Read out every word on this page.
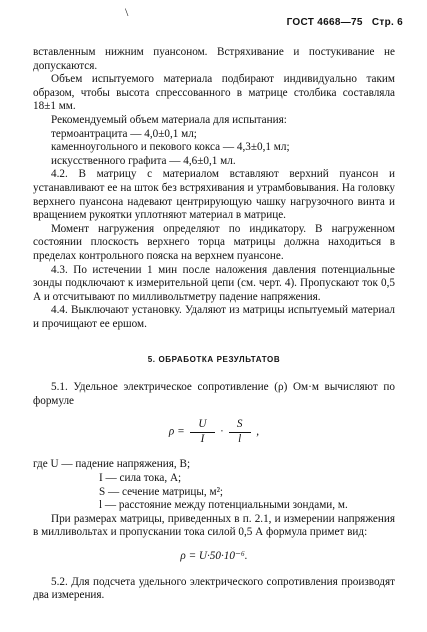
\
ГОСТ 4668—75 Стр. 6

вставленным нижним пуансоном. Встряхивание и постукивание не допускаются.

Объем испытуемого материала подбирают индивидуально таким образом, чтобы высота спрессованного в матрице столбика составляла 18±1 мм.

Рекомендуемый объем материала для испытания:

термоантрацита — 4,0±0,1 мл;

каменноугольного и пекового кокса — 4,3±0,1 мл;

искусственного графита — 4,6±0,1 мл.

4.2. В матрицу с материалом вставляют верхний пуансон и устанавливают ее на шток без встряхивания и утрамбовывания. На головку верхнего пуансона надевают центрирующую чашку нагрузочного винта и вращением рукоятки уплотняют материал в матрице.

Момент нагружения определяют по индикатору. В нагруженном состоянии плоскость верхнего торца матрицы должна находиться в пределах контрольного пояска на верхнем пуансоне.

4.3. По истечении 1 мин после наложения давления потенциальные зонды подключают к измерительной цепи (см. черт. 4). Пропускают ток 0,5 А и отсчитывают по милливольтметру падение напряжения.

4.4. Выключают установку. Удаляют из матрицы испытуемый материал и прочищают ее ершом.

5. ОБРАБОТКА РЕЗУЛЬТАТОВ

5.1. Удельное электрическое сопротивление (ρ) Ом·м вычисляют по формуле

$\rho = \frac{U}{I} \cdot \frac{S}{l}$ ,

где U — падение напряжения, В;

I — сила тока, А;

S — сечение матрицы, м²;

l — расстояние между потенциальными зондами, м.

При размерах матрицы, приведенных в п. 2.1, и измерении напряжения в милливольтах и пропускании тока силой 0,5 А формула примет вид:

ρ = U·50·10⁻⁶.

5.2. Для подсчета удельного электрического сопротивления производят два измерения.
